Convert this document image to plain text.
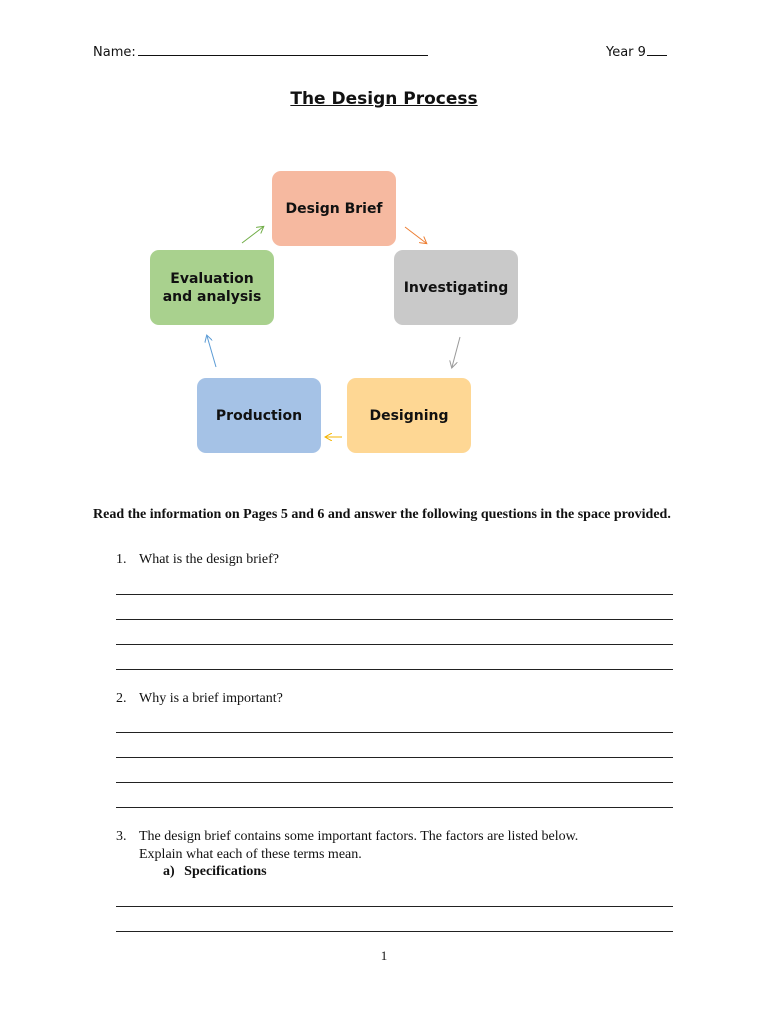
Name:	Year 9
The Design Process
Design Brief
Investigating
Designing
Production
Evaluation and analysis
Read the information on Pages 5 and 6 and answer the following questions in the space provided.
1. What is the design brief?
2. Why is a brief important?
3. The design brief contains some important factors. The factors are listed below.
Explain what each of these terms mean.
a) Specifications
1
